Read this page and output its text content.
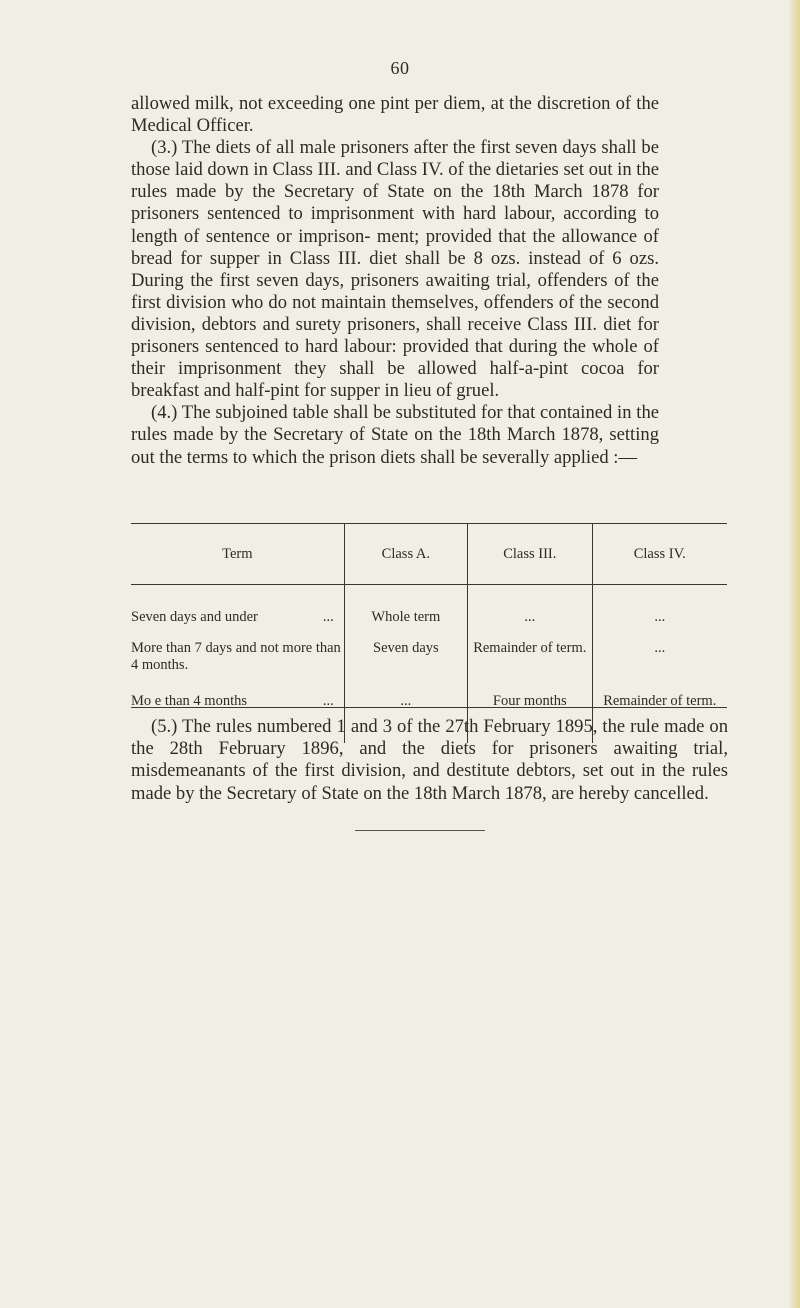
60

allowed milk, not exceeding one pint per diem, at the discretion of the Medical Officer.

(3.) The diets of all male prisoners after the first seven days shall be those laid down in Class III. and Class IV. of the dietaries set out in the rules made by the Secretary of State on the 18th March 1878 for prisoners sentenced to imprisonment with hard labour, according to length of sentence or imprison- ment; provided that the allowance of bread for supper in Class III. diet shall be 8 ozs. instead of 6 ozs. During the first seven days, prisoners awaiting trial, offenders of the first division who do not maintain themselves, offenders of the second division, debtors and surety prisoners, shall receive Class III. diet for prisoners sentenced to hard labour: provided that during the whole of their imprisonment they shall be allowed half-a-pint cocoa for breakfast and half-pint for supper in lieu of gruel.

(4.) The subjoined table shall be substituted for that contained in the rules made by the Secretary of State on the 18th March 1878, setting out the terms to which the prison diets shall be severally applied :—

Term	Class A.	Class III.	Class IV.
Seven days and under ...	Whole term	...	...
More than 7 days and not more than 4 months.	Seven days	Remainder of term.	...
Mo e than 4 months ...	...	Four months	Remainder of term.

(5.) The rules numbered 1 and 3 of the 27th February 1895, the rule made on the 28th February 1896, and the diets for prisoners awaiting trial, misdemeanants of the first division, and destitute debtors, set out in the rules made by the Secretary of State on the 18th March 1878, are hereby cancelled.
